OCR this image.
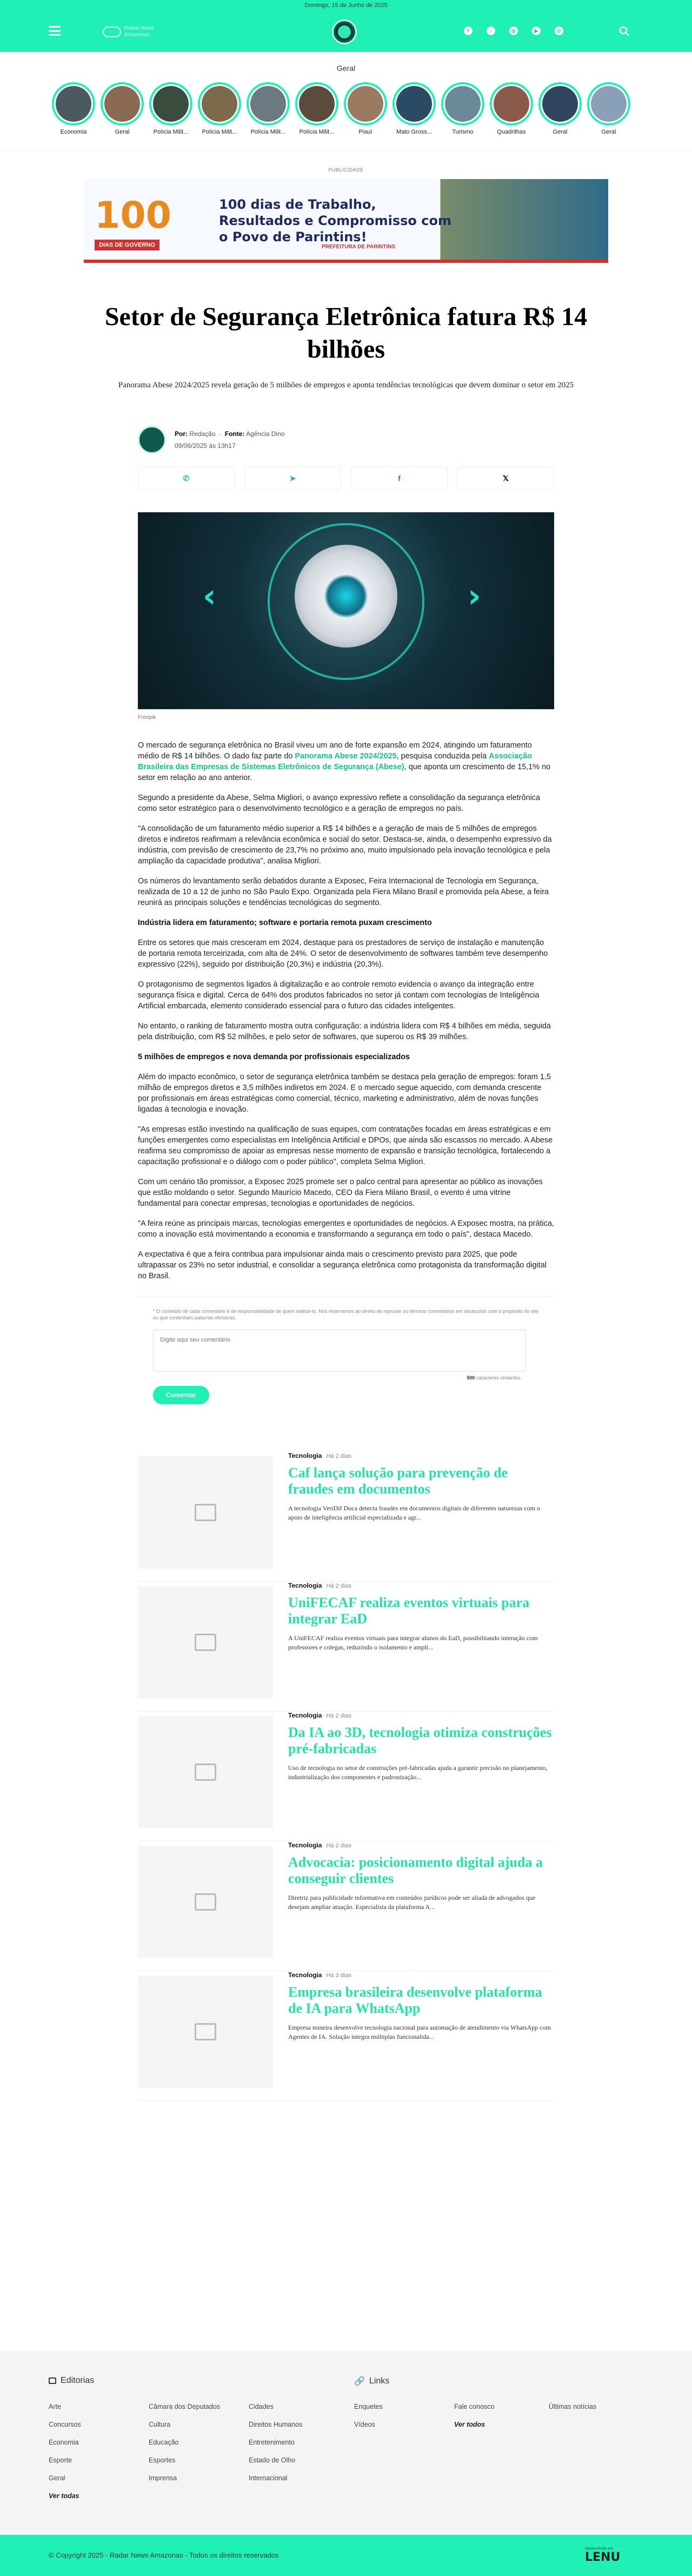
Domingo, 15 de Junho de 2025
Radar News
Amazonas
f	♪	◎	▶	@
Geral
Economia	Geral	Polícia Milit...	Polícia Milit...	Polícia Milit...	Polícia Milit...	Piauí	Mato Gross...	Turismo	Quadrilhas	Geral	Geral
PUBLICIDADE
100
DIAS DE GOVERNO
100 dias de Trabalho, Resultados e Compromisso com o Povo de Parintins!
PREFEITURA DE PARINTINS
Setor de Segurança Eletrônica fatura R$ 14 bilhões
Panorama Abese 2024/2025 revela geração de 5 milhões de empregos e aponta tendências tecnológicas que devem dominar o setor em 2025
Por: Redação  ·  Fonte: Agência Dino
09/06/2025 às 13h17
✆	➤	f	𝕏
‹	›
Freepik

O mercado de segurança eletrônica no Brasil viveu um ano de forte expansão em 2024, atingindo um faturamento médio de R$ 14 bilhões. O dado faz parte do Panorama Abese 2024/2025, pesquisa conduzida pela Associação Brasileira das Empresas de Sistemas Eletrônicos de Segurança (Abese), que aponta um crescimento de 15,1% no setor em relação ao ano anterior.

Segundo a presidente da Abese, Selma Migliori, o avanço expressivo reflete a consolidação da segurança eletrônica como setor estratégico para o desenvolvimento tecnológico e a geração de empregos no país.

"A consolidação de um faturamento médio superior a R$ 14 bilhões e a geração de mais de 5 milhões de empregos diretos e indiretos reafirmam a relevância econômica e social do setor. Destaca-se, ainda, o desempenho expressivo da indústria, com previsão de crescimento de 23,7% no próximo ano, muito impulsionado pela inovação tecnológica e pela ampliação da capacidade produtiva", analisa Migliori.

Os números do levantamento serão debatidos durante a Exposec, Feira Internacional de Tecnologia em Segurança, realizada de 10 a 12 de junho no São Paulo Expo. Organizada pela Fiera Milano Brasil e promovida pela Abese, a feira reunirá as principais soluções e tendências tecnológicas do segmento.

Indústria lidera em faturamento; software e portaria remota puxam crescimento

Entre os setores que mais cresceram em 2024, destaque para os prestadores de serviço de instalação e manutenção de portaria remota terceirizada, com alta de 24%. O setor de desenvolvimento de softwares também teve desempenho expressivo (22%), seguido por distribuição (20,3%) e indústria (20,3%).

O protagonismo de segmentos ligados à digitalização e ao controle remoto evidencia o avanço da integração entre segurança física e digital. Cerca de 64% dos produtos fabricados no setor já contam com tecnologias de Inteligência Artificial embarcada, elemento considerado essencial para o futuro das cidades inteligentes.

No entanto, o ranking de faturamento mostra outra configuração: a indústria lidera com R$ 4 bilhões em média, seguida pela distribuição, com R$ 52 milhões, e pelo setor de softwares, que superou os R$ 39 milhões.

5 milhões de empregos e nova demanda por profissionais especializados

Além do impacto econômico, o setor de segurança eletrônica também se destaca pela geração de empregos: foram 1,5 milhão de empregos diretos e 3,5 milhões indiretos em 2024. E o mercado segue aquecido, com demanda crescente por profissionais em áreas estratégicas como comercial, técnico, marketing e administrativo, além de novas funções ligadas à tecnologia e inovação.

"As empresas estão investindo na qualificação de suas equipes, com contratações focadas em áreas estratégicas e em funções emergentes como especialistas em Inteligência Artificial e DPOs, que ainda são escassos no mercado. A Abese reafirma seu compromisso de apoiar as empresas nesse momento de expansão e transição tecnológica, fortalecendo a capacitação profissional e o diálogo com o poder público", completa Selma Migliori.

Com um cenário tão promissor, a Exposec 2025 promete ser o palco central para apresentar ao público as inovações que estão moldando o setor. Segundo Maurício Macedo, CEO da Fiera Milano Brasil, o evento é uma vitrine fundamental para conectar empresas, tecnologias e oportunidades de negócios.

"A feira reúne as principais marcas, tecnologias emergentes e oportunidades de negócios. A Exposec mostra, na prática, como a inovação está movimentando a economia e transformando a segurança em todo o país", destaca Macedo.

A expectativa é que a feira contribua para impulsionar ainda mais o crescimento previsto para 2025, que pode ultrapassar os 23% no setor industrial, e consolidar a segurança eletrônica como protagonista da transformação digital no Brasil.

* O conteúdo de cada comentário é de responsabilidade de quem realizá-lo. Nos reservamos ao direito de reprovar ou eliminar comentários em desacordo com o propósito do site ou que contenham palavras ofensivas.
Digite aqui seu comentário
500 caracteres restantes.
Comentar
Tecnologia Há 2 dias
Caf lança solução para prevenção de fraudes em documentos
A tecnologia VeriDif Doca detecta fraudes em documentos digitais de diferentes naturezas com o apoio de inteligência artificial especializada e agr...
Tecnologia Há 2 dias
UniFECAF realiza eventos virtuais para integrar EaD
A UniFECAF realiza eventos virtuais para integrar alunos do EaD, possibilitando interação com professores e colegas, reduzindo o isolamento e ampli...
Tecnologia Há 2 dias
Da IA ao 3D, tecnologia otimiza construções pré-fabricadas
Uso de tecnologia no setor de construções pré-fabricadas ajuda a garantir precisão no planejamento, industrialização dos componentes e padronização...
Tecnologia Há 2 dias
Advocacia: posicionamento digital ajuda a conseguir clientes
Diretriz para publicidade informativa em conteúdos jurídicos pode ser aliada de advogados que desejam ampliar atuação. Especialista da plataforma A...
Tecnologia Há 3 dias
Empresa brasileira desenvolve plataforma de IA para WhatsApp
Empresa mineira desenvolve tecnologia nacional para automação de atendimento via WhatsApp com Agentes de IA. Solução integra múltiplas funcionalida...
Editorias	🔗 Links
Arte	Câmara dos Deputados	Cidades
Concursos	Cultura	Direitos Humanos
Economia	Educação	Entretenimento
Esporte	Esportes	Estado de Olho
Geral	Imprensa	Internacional
Ver todas
Enquetes	Fale conosco	Últimas notícias
Vídeos	Ver todos
© Copyright 2025 - Radar News Amazonas - Todos os direitos reservados
Desenvolvido por
LENU
